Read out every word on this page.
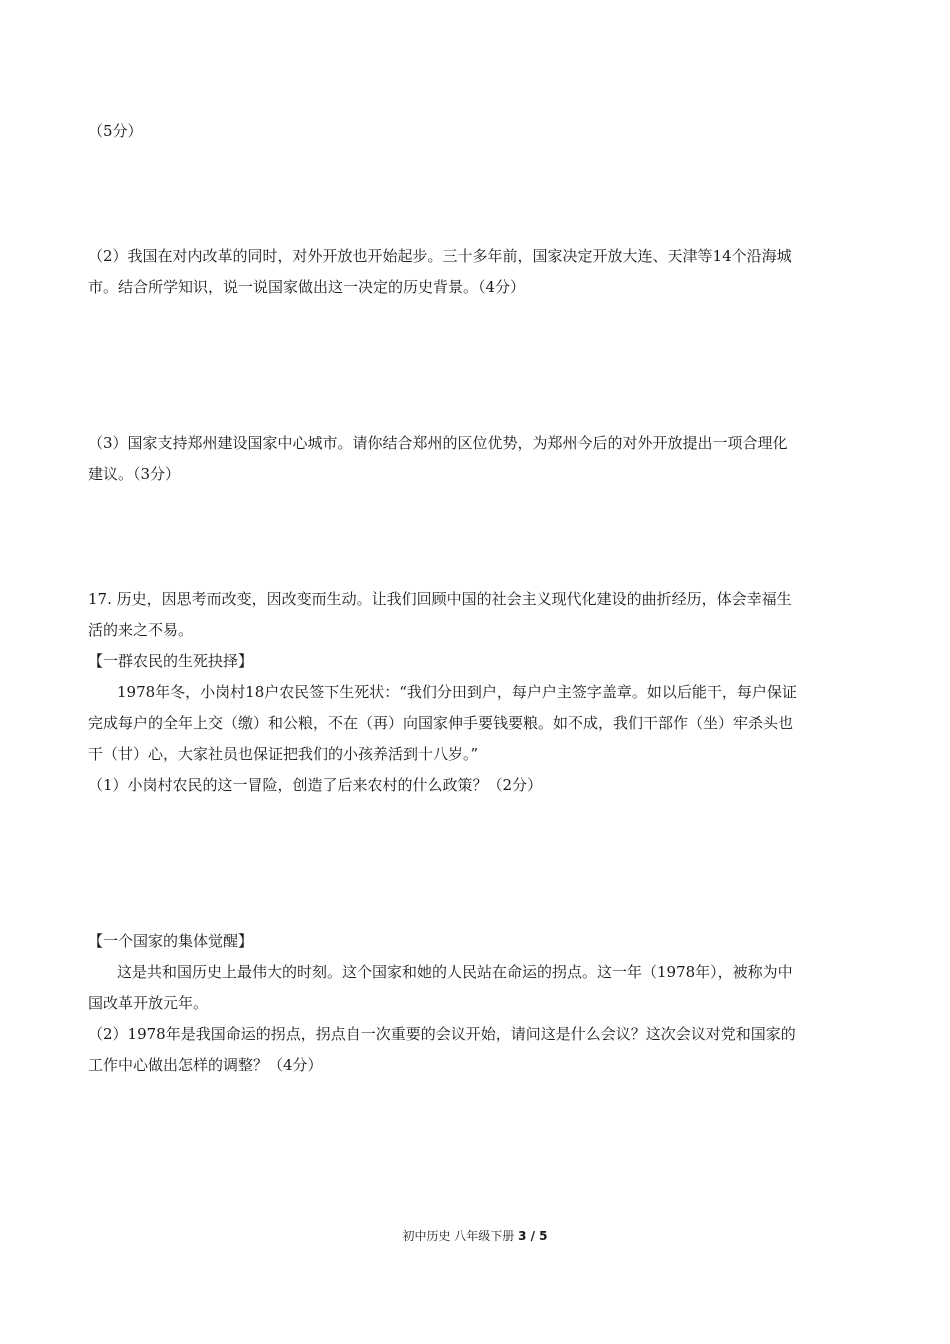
（5分）
（2）我国在对内改革的同时，对外开放也开始起步。三十多年前，国家决定开放大连、天津等14个沿海城
市。结合所学知识，说一说国家做出这一决定的历史背景。（4分）
（3）国家支持郑州建设国家中心城市。请你结合郑州的区位优势，为郑州今后的对外开放提出一项合理化
建议。（3分）
17. 历史，因思考而改变，因改变而生动。让我们回顾中国的社会主义现代化建设的曲折经历，体会幸福生
活的来之不易。
【一群农民的生死抉择】
1978年冬，小岗村18户农民签下生死状：“我们分田到户，每户户主签字盖章。如以后能干，每户保证
完成每户的全年上交（缴）和公粮，不在（再）向国家伸手要钱要粮。如不成，我们干部作（坐）牢杀头也
干（甘）心，大家社员也保证把我们的小孩养活到十八岁。”
（1）小岗村农民的这一冒险，创造了后来农村的什么政策？（2分）
【一个国家的集体觉醒】
这是共和国历史上最伟大的时刻。这个国家和她的人民站在命运的拐点。这一年（1978年），被称为中
国改革开放元年。
（2）1978年是我国命运的拐点，拐点自一次重要的会议开始，请问这是什么会议？这次会议对党和国家的
工作中心做出怎样的调整？（4分）
初中历史 八年级下册 3 / 5
